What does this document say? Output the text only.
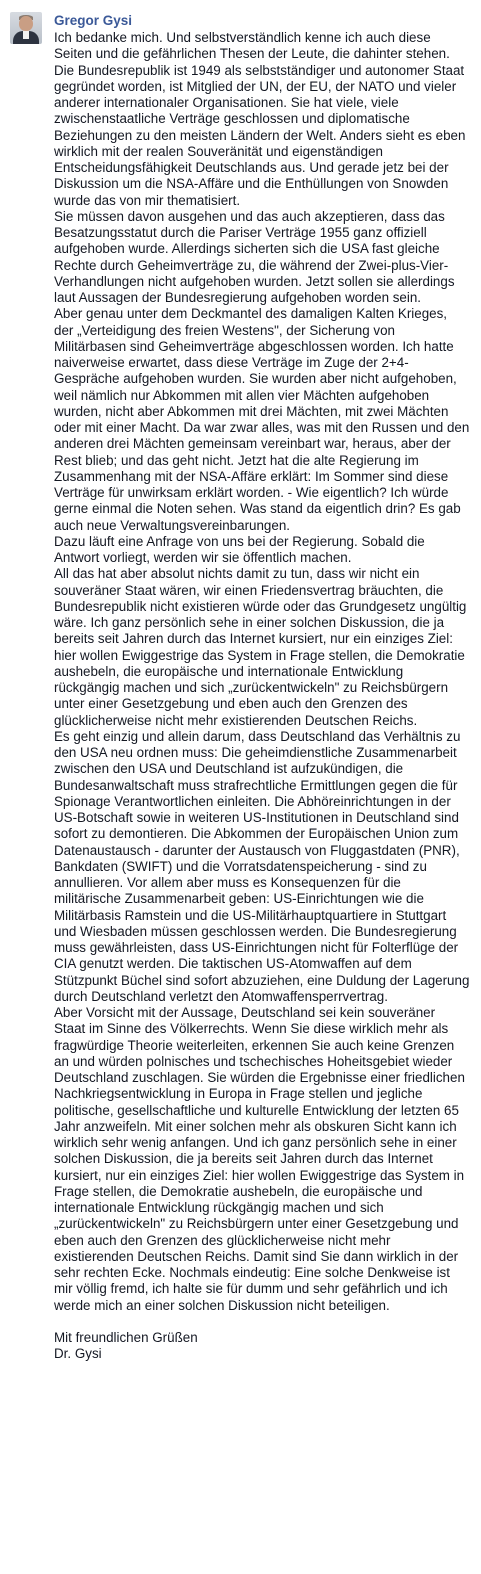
Gregor Gysi

Ich bedanke mich. Und selbstverständlich kenne ich auch diese Seiten und die gefährlichen Thesen der Leute, die dahinter stehen.

Die Bundesrepublik ist 1949 als selbstständiger und autonomer Staat gegründet worden, ist Mitglied der UN, der EU, der NATO und vieler anderer internationaler Organisationen. Sie hat viele, viele zwischenstaatliche Verträge geschlossen und diplomatische Beziehungen zu den meisten Ländern der Welt. Anders sieht es eben wirklich mit der realen Souveränität und eigenständigen Entscheidungsfähigkeit Deutschlands aus. Und gerade jetz bei der Diskussion um die NSA-Affäre und die Enthüllungen von Snowden wurde das von mir thematisiert.

Sie müssen davon ausgehen und das auch akzeptieren, dass das Besatzungsstatut durch die Pariser Verträge 1955 ganz offiziell aufgehoben wurde. Allerdings sicherten sich die USA fast gleiche Rechte durch Geheimverträge zu, die während der Zwei-plus-Vier-Verhandlungen nicht aufgehoben wurden. Jetzt sollen sie allerdings laut Aussagen der Bundesregierung aufgehoben worden sein.

Aber genau unter dem Deckmantel des damaligen Kalten Krieges, der „Verteidigung des freien Westens", der Sicherung von Militärbasen sind Geheimverträge abgeschlossen worden. Ich hatte naiverweise erwartet, dass diese Verträge im Zuge der 2+4-Gespräche aufgehoben wurden. Sie wurden aber nicht aufgehoben, weil nämlich nur Abkommen mit allen vier Mächten aufgehoben wurden, nicht aber Abkommen mit drei Mächten, mit zwei Mächten oder mit einer Macht. Da war zwar alles, was mit den Russen und den anderen drei Mächten gemeinsam vereinbart war, heraus, aber der Rest blieb; und das geht nicht. Jetzt hat die alte Regierung im Zusammenhang mit der NSA-Affäre erklärt: Im Sommer sind diese Verträge für unwirksam erklärt worden. - Wie eigentlich? Ich würde gerne einmal die Noten sehen. Was stand da eigentlich drin? Es gab auch neue Verwaltungsvereinbarungen.

Dazu läuft eine Anfrage von uns bei der Regierung. Sobald die Antwort vorliegt, werden wir sie öffentlich machen.

All das hat aber absolut nichts damit zu tun, dass wir nicht ein souveräner Staat wären, wir einen Friedensvertrag bräuchten, die Bundesrepublik nicht existieren würde oder das Grundgesetz ungültig wäre. Ich ganz persönlich sehe in einer solchen Diskussion, die ja bereits seit Jahren durch das Internet kursiert, nur ein einziges Ziel: hier wollen Ewiggestrige das System in Frage stellen, die Demokratie aushebeln, die europäische und internationale Entwicklung rückgängig machen und sich „zurückentwickeln" zu Reichsbürgern unter einer Gesetzgebung und eben auch den Grenzen des glücklicherweise nicht mehr existierenden Deutschen Reichs.

Es geht einzig und allein darum, dass Deutschland das Verhältnis zu den USA neu ordnen muss: Die geheimdienstliche Zusammenarbeit zwischen den USA und Deutschland ist aufzukündigen, die Bundesanwaltschaft muss strafrechtliche Ermittlungen gegen die für Spionage Verantwortlichen einleiten. Die Abhöreinrichtungen in der US-Botschaft sowie in weiteren US-Institutionen in Deutschland sind sofort zu demontieren. Die Abkommen der Europäischen Union zum Datenaustausch - darunter der Austausch von Fluggastdaten (PNR), Bankdaten (SWIFT) und die Vorratsdatenspeicherung - sind zu annullieren. Vor allem aber muss es Konsequenzen für die militärische Zusammenarbeit geben: US-Einrichtungen wie die Militärbasis Ramstein und die US-Militärhauptquartiere in Stuttgart und Wiesbaden müssen geschlossen werden. Die Bundesregierung muss gewährleisten, dass US-Einrichtungen nicht für Folterflüge der CIA genutzt werden. Die taktischen US-Atomwaffen auf dem Stützpunkt Büchel sind sofort abzuziehen, eine Duldung der Lagerung durch Deutschland verletzt den Atomwaffensperrvertrag.

Aber Vorsicht mit der Aussage, Deutschland sei kein souveräner Staat im Sinne des Völkerrechts. Wenn Sie diese wirklich mehr als fragwürdige Theorie weiterleiten, erkennen Sie auch keine Grenzen an und würden polnisches und tschechisches Hoheitsgebiet wieder Deutschland zuschlagen. Sie würden die Ergebnisse einer friedlichen Nachkriegsentwicklung in Europa in Frage stellen und jegliche politische, gesellschaftliche und kulturelle Entwicklung der letzten 65 Jahr anzweifeln. Mit einer solchen mehr als obskuren Sicht kann ich wirklich sehr wenig anfangen. Und ich ganz persönlich sehe in einer solchen Diskussion, die ja bereits seit Jahren durch das Internet kursiert, nur ein einziges Ziel: hier wollen Ewiggestrige das System in Frage stellen, die Demokratie aushebeln, die europäische und internationale Entwicklung rückgängig machen und sich „zurückentwickeln" zu Reichsbürgern unter einer Gesetzgebung und eben auch den Grenzen des glücklicherweise nicht mehr existierenden Deutschen Reichs. Damit sind Sie dann wirklich in der sehr rechten Ecke. Nochmals eindeutig: Eine solche Denkweise ist mir völlig fremd, ich halte sie für dumm und sehr gefährlich und ich werde mich an einer solchen Diskussion nicht beteiligen.

Mit freundlichen Grüßen

Dr. Gysi
